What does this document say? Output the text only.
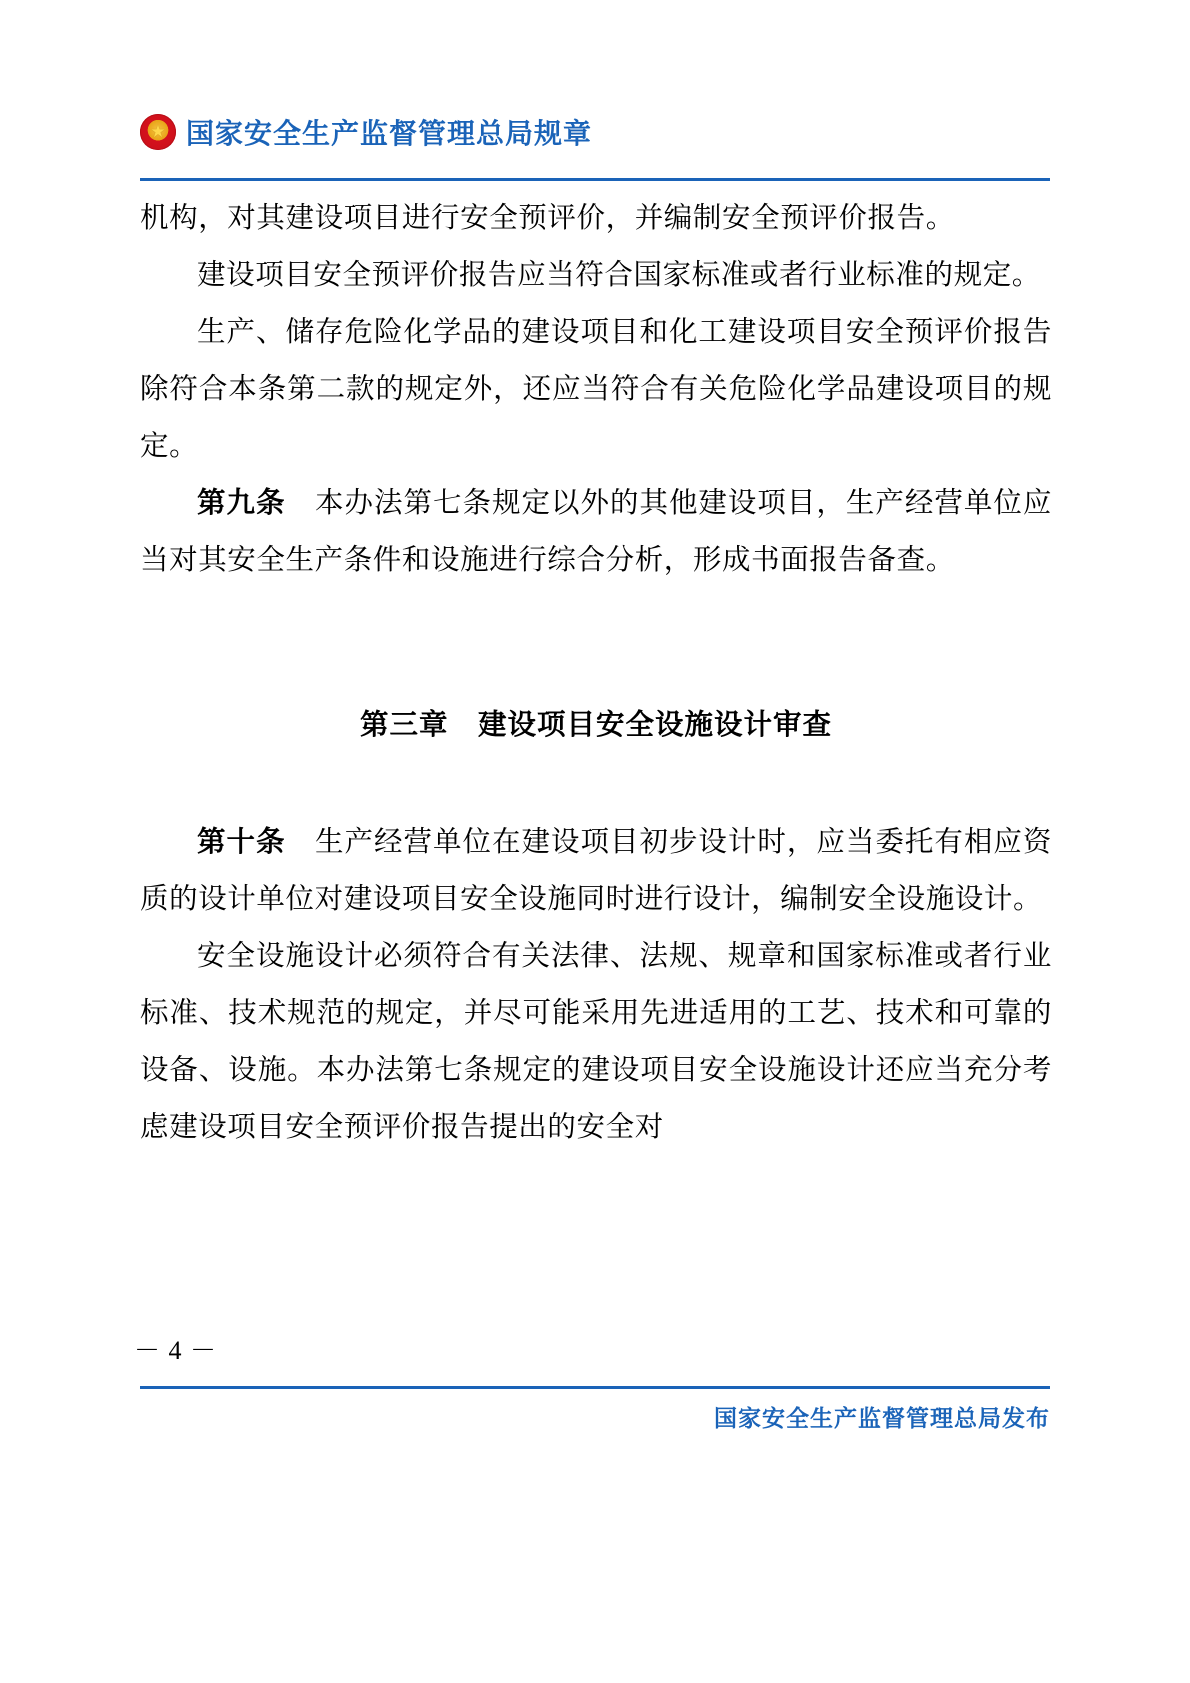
★
国家安全生产监督管理总局规章

机构，对其建设项目进行安全预评价，并编制安全预评价报告。

建设项目安全预评价报告应当符合国家标准或者行业标准的规定。

生产、储存危险化学品的建设项目和化工建设项目安全预评价报告除符合本条第二款的规定外，还应当符合有关危险化学品建设项目的规定。

第九条　 本办法第七条规定以外的其他建设项目，生产经营单位应当对其安全生产条件和设施进行综合分析，形成书面报告备查。

第三章　建设项目安全设施设计审查

第十条　 生产经营单位在建设项目初步设计时，应当委托有相应资质的设计单位对建设项目安全设施同时进行设计，编制安全设施设计。

安全设施设计必须符合有关法律、法规、规章和国家标准或者行业标准、技术规范的规定，并尽可能采用先进适用的工艺、技术和可靠的设备、设施。本办法第七条规定的建设项目安全设施设计还应当充分考虑建设项目安全预评价报告提出的安全对

－ 4 －
国家安全生产监督管理总局发布
